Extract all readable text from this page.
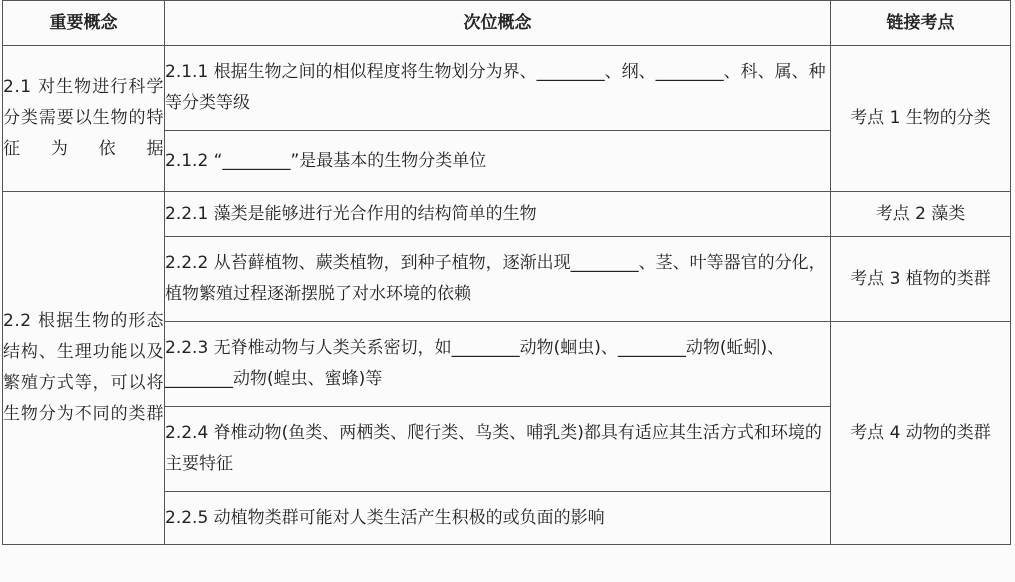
重要概念	次位概念	链接考点
2.1 对生物进行科学分类需要以生物的特征为依据	2.1.1 根据生物之间的相似程度将生物划分为界、________、纲、________、科、属、种等分类等级	考点 1 生物的分类
	2.1.2 “________”是最基本的生物分类单位	
2.2 根据生物的形态结构、生理功能以及繁殖方式等，可以将生物分为不同的类群	2.2.1 藻类是能够进行光合作用的结构简单的生物	考点 2 藻类
	2.2.2 从苔藓植物、蕨类植物，到种子植物，逐渐出现________、茎、叶等器官的分化，植物繁殖过程逐渐摆脱了对水环境的依赖	考点 3 植物的类群
	2.2.3 无脊椎动物与人类关系密切，如________动物(蛔虫)、________动物(蚯蚓)、________动物(蝗虫、蜜蜂)等	考点 4 动物的类群
	2.2.4 脊椎动物(鱼类、两栖类、爬行类、鸟类、哺乳类)都具有适应其生活方式和环境的主要特征	
	2.2.5 动植物类群可能对人类生活产生积极的或负面的影响	
